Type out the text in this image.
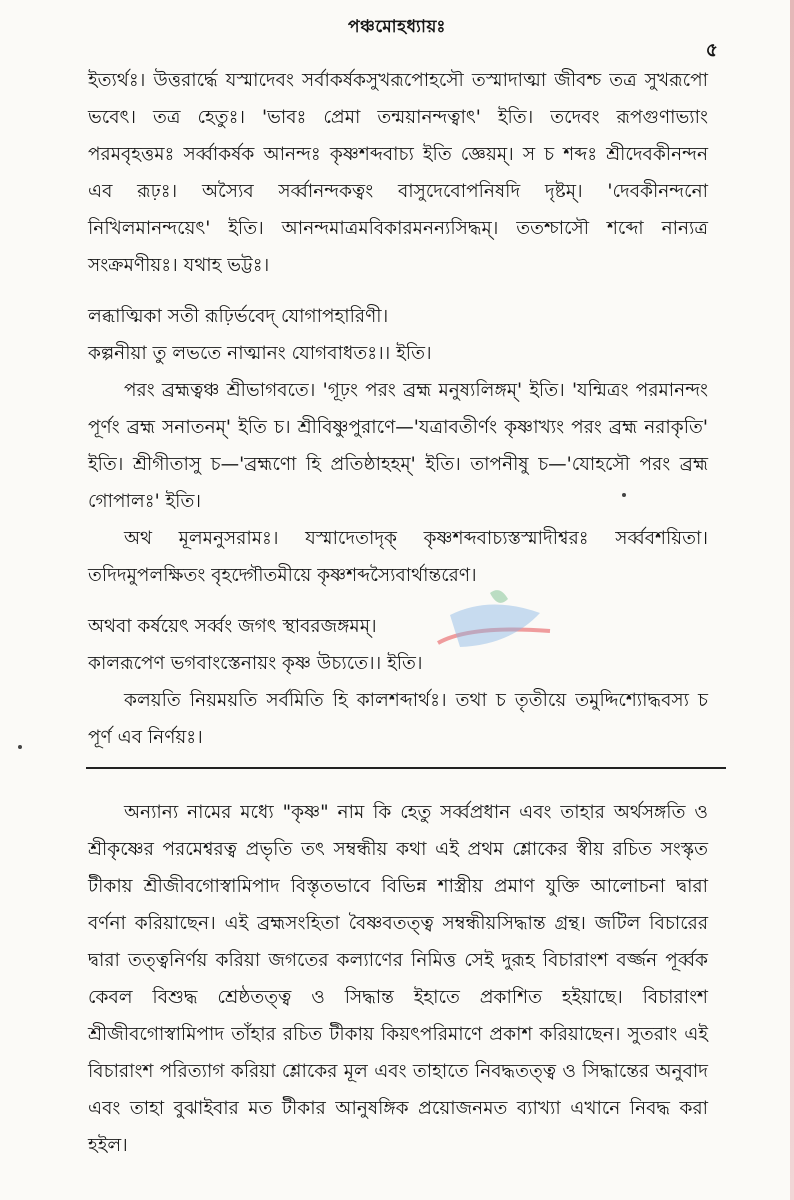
পঞ্চমোহধ্যায়ঃ
৫

ইত্যর্থঃ। উত্তরার্দ্ধে যস্মাদেবং সর্বাকর্ষকসুখরূপোহসৌ তস্মাদাত্মা জীবশ্চ তত্র সুখরূপো ভবেৎ। তত্র হেতুঃ। 'ভাবঃ প্রেমা তন্ময়ানন্দত্বাৎ' ইতি। তদেবং রূপগুণাভ্যাং পরমবৃহত্তমঃ সর্ব্বাকর্ষক আনন্দঃ কৃষ্ণশব্দবাচ্য ইতি জ্ঞেয়ম্। স চ শব্দঃ শ্রীদেবকীনন্দন এব রূঢ়ঃ। অস্যৈব সর্ব্বানন্দকত্বং বাসুদেবোপনিষদি দৃষ্টম্। 'দেবকীনন্দনো নিখিলমানন্দয়েৎ' ইতি। আনন্দমাত্রমবিকারমনন্যসিদ্ধম্। ততশ্চাসৌ শব্দো নান্যত্র সংক্রমণীয়ঃ। যথাহ ভট্টঃ।

লব্ধাত্মিকা সতী রূঢ়ির্ভবেদ্ যোগাপহারিণী।
কল্পনীয়া তু লভতে নাত্মানং যোগবাধতঃ।। ইতি।

পরং ব্রহ্মত্বঞ্চ শ্রীভাগবতে। 'গূঢ়ং পরং ব্রহ্ম মনুষ্যলিঙ্গম্' ইতি। 'যন্মিত্রং পরমানন্দং পূর্ণং ব্রহ্ম সনাতনম্' ইতি চ। শ্রীবিষ্ণুপুরাণে—'যত্রাবতীর্ণং কৃষ্ণাখ্যং পরং ব্রহ্ম নরাকৃতি' ইতি। শ্রীগীতাসু চ—'ব্রহ্মণো হি প্রতিষ্ঠাহহম্' ইতি। তাপনীষু চ—'যোহসৌ পরং ব্রহ্ম গোপালঃ' ইতি।

অথ মূলমনুসরামঃ। যস্মাদেতাদৃক্ কৃষ্ণশব্দবাচ্যস্তস্মাদীশ্বরঃ সর্ব্ববশয়িতা। তদিদমুপলক্ষিতং বৃহদ্গৌতমীয়ে কৃষ্ণশব্দস্যৈবার্থান্তরেণ।

অথবা কর্ষয়েৎ সর্ব্বং জগৎ স্থাবরজঙ্গমম্।
কালরূপেণ ভগবাংস্তেনায়ং কৃষ্ণ উচ্যতে।। ইতি।

কলয়তি নিয়ময়তি সর্বমিতি হি কালশব্দার্থঃ। তথা চ তৃতীয়ে তমুদ্দিশ্যোদ্ধবস্য চ পূর্ণ এব নির্ণয়ঃ।

অন্যান্য নামের মধ্যে "কৃষ্ণ" নাম কি হেতু সর্ব্বপ্রধান এবং তাহার অর্থসঙ্গতি ও শ্রীকৃষ্ণের পরমেশ্বরত্ব প্রভৃতি তৎ সম্বন্ধীয় কথা এই প্রথম শ্লোকের স্বীয় রচিত সংস্কৃত টীকায় শ্রীজীবগোস্বামিপাদ বিস্তৃতভাবে বিভিন্ন শাস্ত্রীয় প্রমাণ যুক্তি আলোচনা দ্বারা বর্ণনা করিয়াছেন। এই ব্রহ্মসংহিতা বৈষ্ণবতত্ত্ব সম্বন্ধীয়সিদ্ধান্ত গ্রন্থ। জটিল বিচারের দ্বারা তত্ত্বনির্ণয় করিয়া জগতের কল্যাণের নিমিত্ত সেই দুরূহ বিচারাংশ বর্জ্জন পূর্ব্বক কেবল বিশুদ্ধ শ্রেষ্ঠতত্ত্ব ও সিদ্ধান্ত ইহাতে প্রকাশিত হইয়াছে। বিচারাংশ শ্রীজীবগোস্বামিপাদ তাঁহার রচিত টীকায় কিয়ৎপরিমাণে প্রকাশ করিয়াছেন। সুতরাং এই বিচারাংশ পরিত্যাগ করিয়া শ্লোকের মূল এবং তাহাতে নিবদ্ধতত্ত্ব ও সিদ্ধান্তের অনুবাদ এবং তাহা বুঝাইবার মত টীকার আনুষঙ্গিক প্রয়োজনমত ব্যাখ্যা এখানে নিবদ্ধ করা হইল।
